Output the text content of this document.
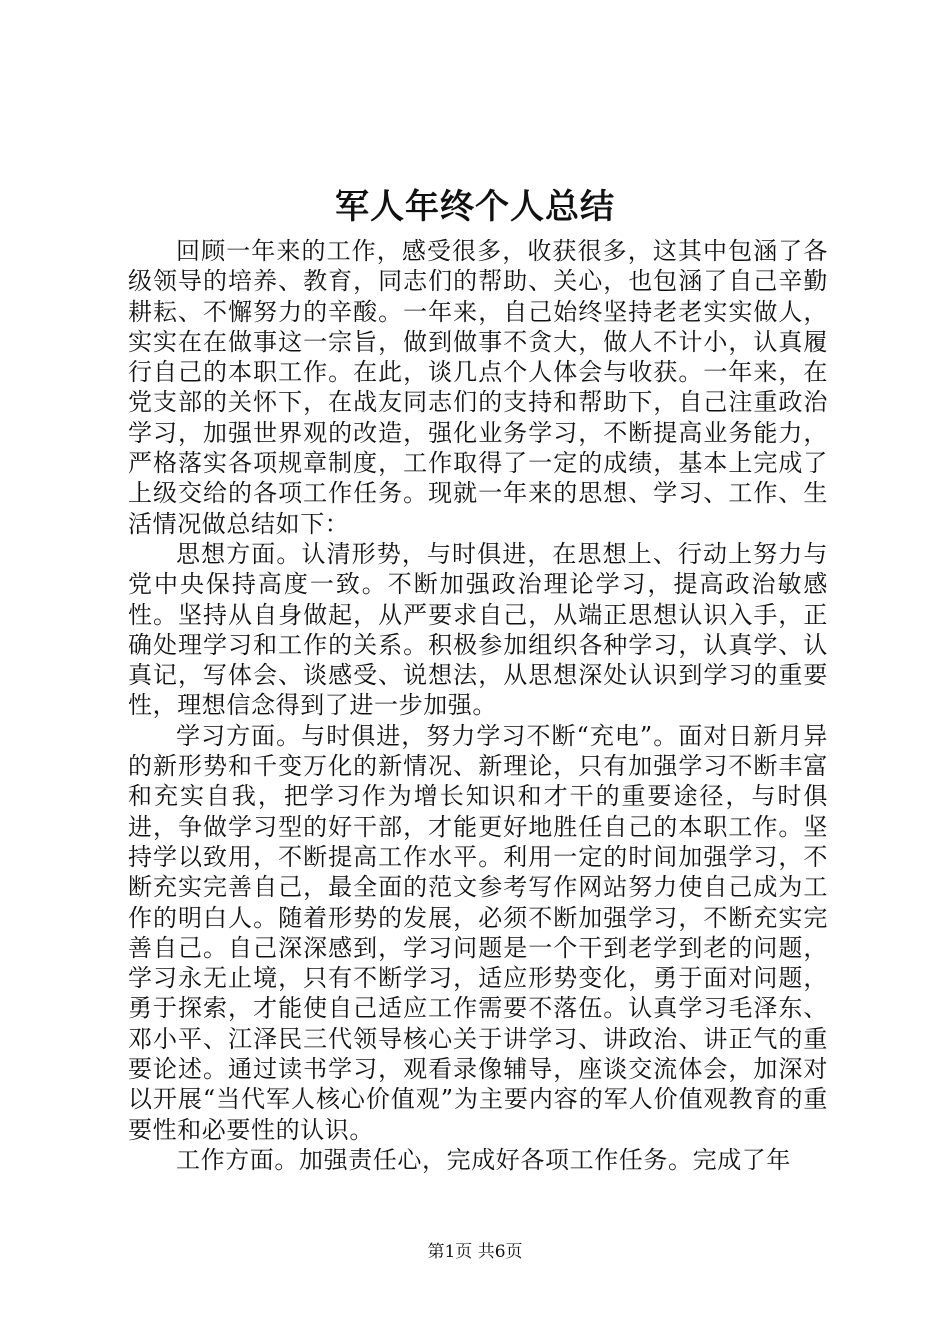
军人年终个人总结

回顾一年来的工作，感受很多，收获很多，这其中包涵了各级领导的培养、教育，同志们的帮助、关心，也包涵了自己辛勤耕耘、不懈努力的辛酸。一年来，自己始终坚持老老实实做人，实实在在做事这一宗旨，做到做事不贪大，做人不计小，认真履行自己的本职工作。在此，谈几点个人体会与收获。一年来，在党支部的关怀下，在战友同志们的支持和帮助下，自己注重政治学习，加强世界观的改造，强化业务学习，不断提高业务能力，严格落实各项规章制度，工作取得了一定的成绩，基本上完成了上级交给的各项工作任务。现就一年来的思想、学习、工作、生活情况做总结如下：

思想方面。认清形势，与时俱进，在思想上、行动上努力与党中央保持高度一致。不断加强政治理论学习，提高政治敏感性。坚持从自身做起，从严要求自己，从端正思想认识入手，正确处理学习和工作的关系。积极参加组织各种学习，认真学、认真记，写体会、谈感受、说想法，从思想深处认识到学习的重要性，理想信念得到了进一步加强。

学习方面。与时俱进，努力学习不断“充电”。面对日新月异的新形势和千变万化的新情况、新理论，只有加强学习不断丰富和充实自我，把学习作为增长知识和才干的重要途径，与时俱进，争做学习型的好干部，才能更好地胜任自己的本职工作。坚持学以致用，不断提高工作水平。利用一定的时间加强学习，不断充实完善自己，最全面的范文参考写作网站努力使自己成为工作的明白人。随着形势的发展，必须不断加强学习，不断充实完善自己。自己深深感到，学习问题是一个干到老学到老的问题，学习永无止境，只有不断学习，适应形势变化，勇于面对问题，勇于探索，才能使自己适应工作需要不落伍。认真学习毛泽东、邓小平、江泽民三代领导核心关于讲学习、讲政治、讲正气的重要论述。通过读书学习，观看录像辅导，座谈交流体会，加深对以开展“当代军人核心价值观”为主要内容的军人价值观教育的重要性和必要性的认识。

工作方面。加强责任心，完成好各项工作任务。完成了年

第1页 共6页
